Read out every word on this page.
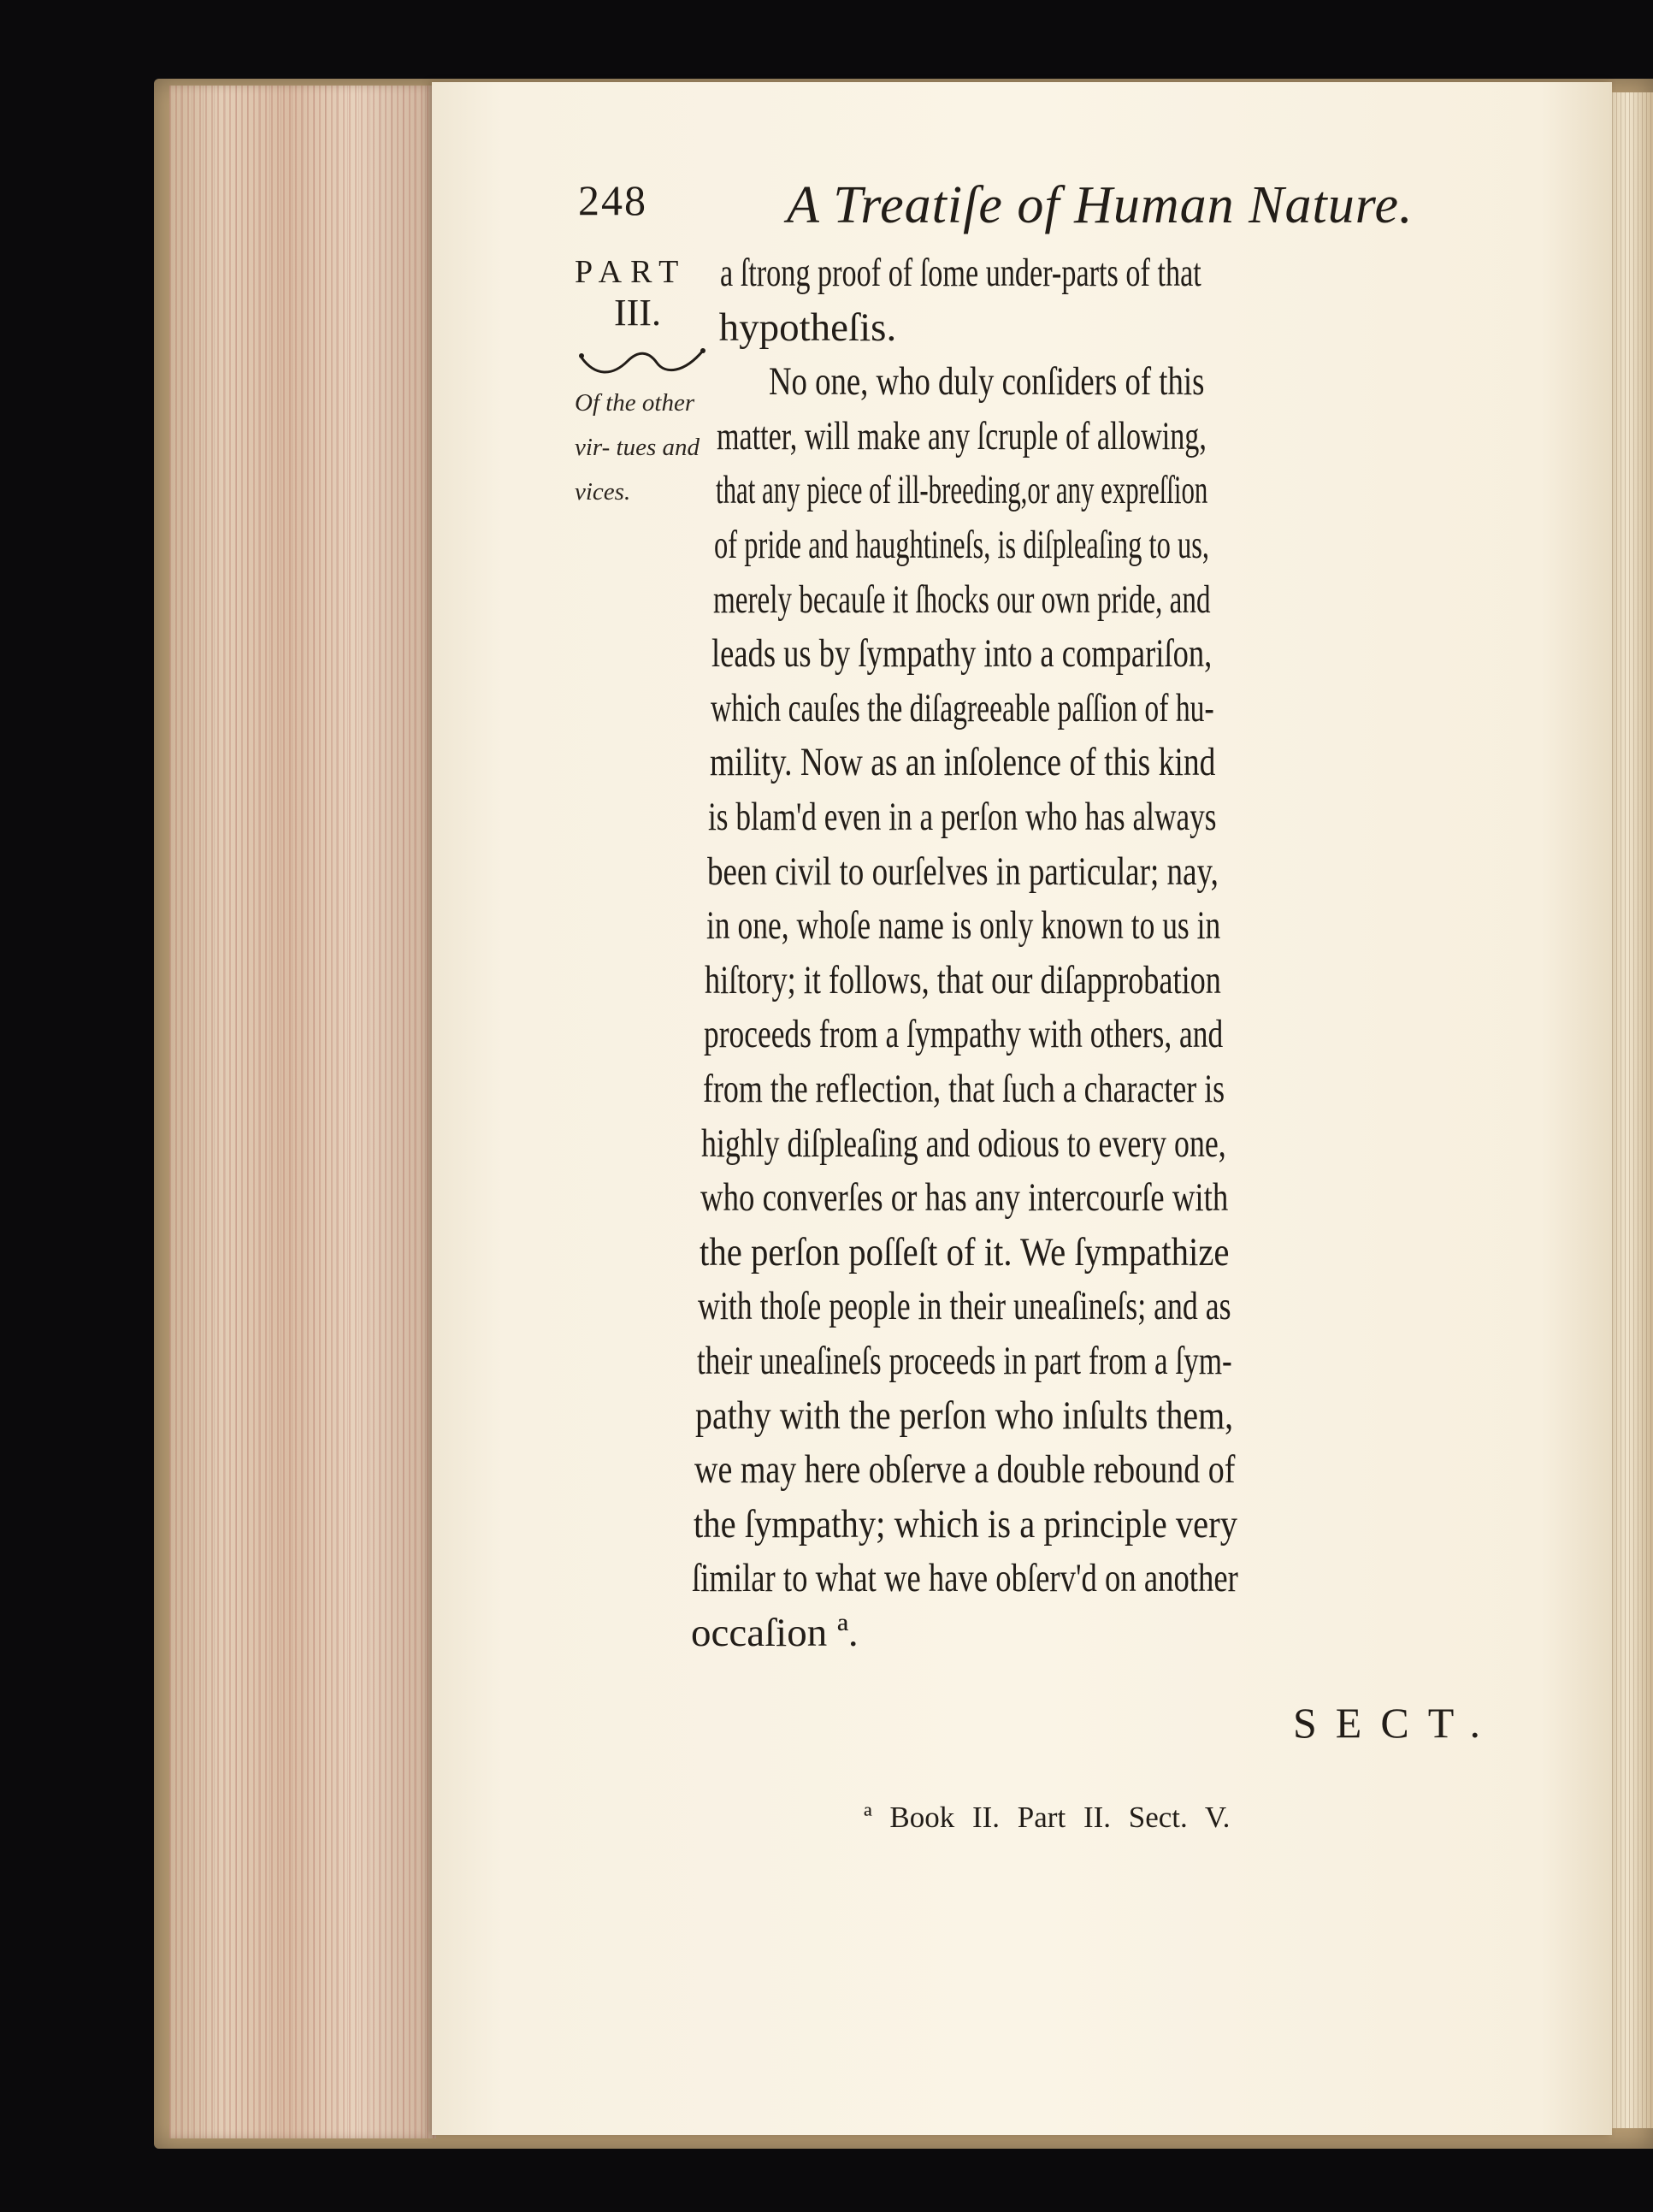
248	A Treatiſe of Human Nature.
PART
III.
Of the other vir- tues and vices.
a ſtrong proof of ſome under-parts of that
hypotheſis.
No one, who duly conſiders of this
matter, will make any ſcruple of allowing,
that any piece of ill-breeding,or any expreſſion
of pride and haughtineſs, is diſpleaſing to us,
merely becauſe it ſhocks our own pride, and
leads us by ſympathy into a compariſon,
which cauſes the diſagreeable paſſion of hu-
mility. Now as an inſolence of this kind
is blam'd even in a perſon who has always
been civil to ourſelves in particular; nay,
in one, whoſe name is only known to us in
hiſtory; it follows, that our diſapprobation
proceeds from a ſympathy with others, and
from the reflection, that ſuch a character is
highly diſpleaſing and odious to every one,
who converſes or has any intercourſe with
the perſon poſſeſt of it. We ſympathize
with thoſe people in their uneaſineſs; and as
their uneaſineſs proceeds in part from a ſym-
pathy with the perſon who inſults them,
we may here obſerve a double rebound of
the ſympathy; which is a principle very
ſimilar to what we have obſerv'd on another
occaſion ª.
SECT.
ª Book II. Part II. Sect. V.
